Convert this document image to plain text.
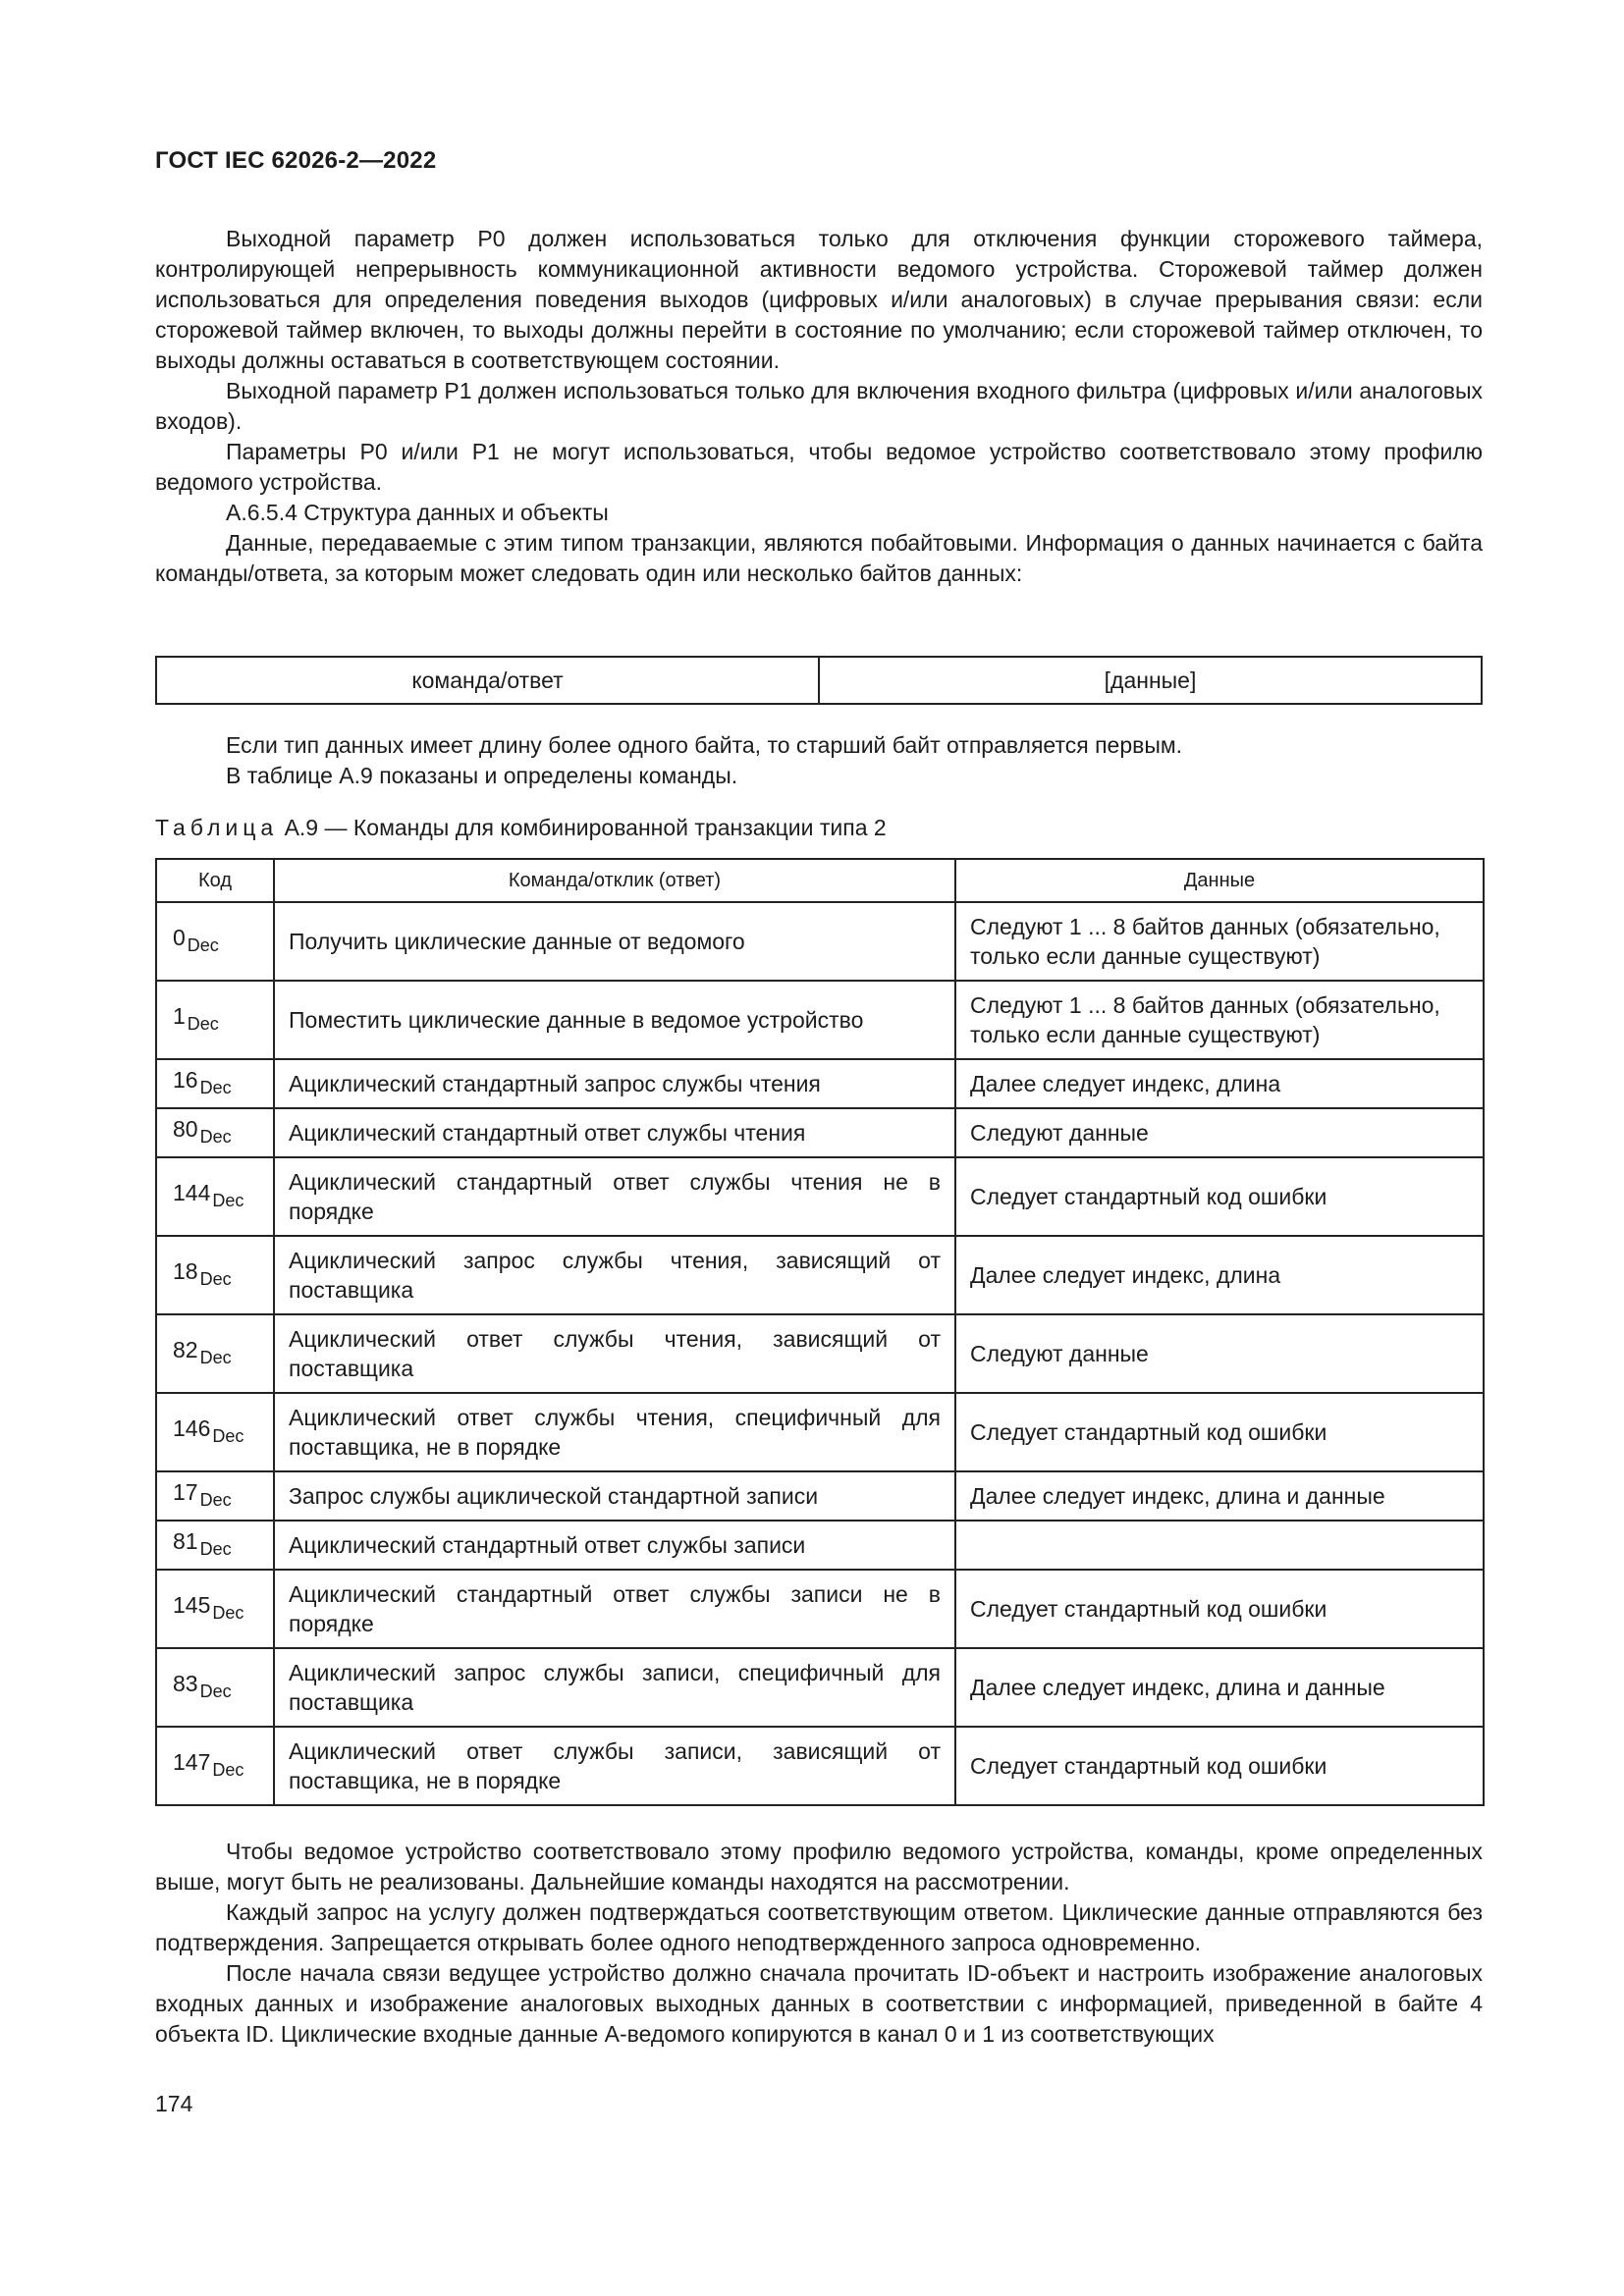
ГОСТ IEC 62026-2—2022

Выходной параметр Р0 должен использоваться только для отключения функции сторожевого таймера, контролирующей непрерывность коммуникационной активности ведомого устройства. Сторожевой таймер должен использоваться для определения поведения выходов (цифровых и/или аналоговых) в случае прерывания связи: если сторожевой таймер включен, то выходы должны перейти в состояние по умолчанию; если сторожевой таймер отключен, то выходы должны оставаться в соответствующем состоянии.

Выходной параметр Р1 должен использоваться только для включения входного фильтра (цифровых и/или аналоговых входов).

Параметры Р0 и/или Р1 не могут использоваться, чтобы ведомое устройство соответствовало этому профилю ведомого устройства.

А.6.5.4 Структура данных и объекты

Данные, передаваемые с этим типом транзакции, являются побайтовыми. Информация о данных начинается с байта команды/ответа, за которым может следовать один или несколько байтов данных:

команда/ответ	[данные]

Если тип данных имеет длину более одного байта, то старший байт отправляется первым.

В таблице А.9 показаны и определены команды.

Таблица А.9 — Команды для комбинированной транзакции типа 2
Код	Команда/отклик (ответ)	Данные
0 $_{Dec}$	Получить циклические данные от ведомого	Следуют 1 ... 8 байтов данных (обязательно, только если данные существуют)
1 $_{Dec}$	Поместить циклические данные в ведомое устройство	Следуют 1 ... 8 байтов данных (обязательно, только если данные существуют)
16 $_{Dec}$	Ациклический стандартный запрос службы чтения	Далее следует индекс, длина
80 $_{Dec}$	Ациклический стандартный ответ службы чтения	Следуют данные
144 $_{Dec}$	Ациклический стандартный ответ службы чтения не в порядке	Следует стандартный код ошибки
18 $_{Dec}$	Ациклический запрос службы чтения, зависящий от поставщика	Далее следует индекс, длина
82 $_{Dec}$	Ациклический ответ службы чтения, зависящий от поставщика	Следуют данные
146 $_{Dec}$	Ациклический ответ службы чтения, специфичный для поставщика, не в порядке	Следует стандартный код ошибки
17 $_{Dec}$	Запрос службы ациклической стандартной записи	Далее следует индекс, длина и данные
81 $_{Dec}$	Ациклический стандартный ответ службы записи	
145 $_{Dec}$	Ациклический стандартный ответ службы записи не в порядке	Следует стандартный код ошибки
83 $_{Dec}$	Ациклический запрос службы записи, специфичный для поставщика	Далее следует индекс, длина и данные
147 $_{Dec}$	Ациклический ответ службы записи, зависящий от поставщика, не в порядке	Следует стандартный код ошибки

Чтобы ведомое устройство соответствовало этому профилю ведомого устройства, команды, кроме определенных выше, могут быть не реализованы. Дальнейшие команды находятся на рассмотрении.

Каждый запрос на услугу должен подтверждаться соответствующим ответом. Циклические данные отправляются без подтверждения. Запрещается открывать более одного неподтвержденного запроса одновременно.

После начала связи ведущее устройство должно сначала прочитать ID-объект и настроить изображение аналоговых входных данных и изображение аналоговых выходных данных в соответствии с информацией, приведенной в байте 4 объекта ID. Циклические входные данные А-ведомого копируются в канал 0 и 1 из соответствующих

174
